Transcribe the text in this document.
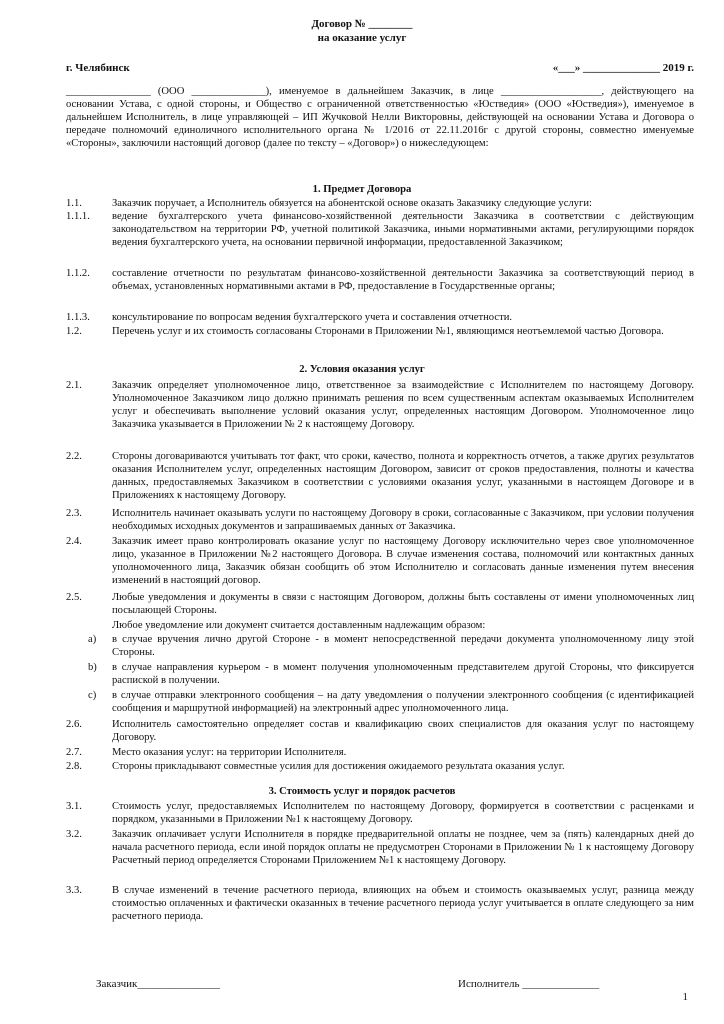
Договор № ________
на оказание услуг
г. Челябинск	«___» ______________ 2019 г.
________________ (ООО ______________), именуемое в дальнейшем Заказчик, в лице ___________________, действующего на основании Устава, с одной стороны, и Общество с ограниченной ответственностью «Юстведия» (ООО «Юстведия»), именуемое в дальнейшем Исполнитель, в лице управляющей – ИП Жучковой Нелли Викторовны, действующей на основании Устава и Договора о передаче полномочий единоличного исполнительного органа № 1/2016 от 22.11.2016г с другой стороны, совместно именуемые «Стороны», заключили настоящий договор (далее по тексту – «Договор») о нижеследующем:
1. Предмет Договора
1.1.	Заказчик поручает, а Исполнитель обязуется на абонентской основе оказать Заказчику следующие услуги:
1.1.1.	ведение бухгалтерского учета финансово-хозяйственной деятельности Заказчика в соответствии с действующим законодательством на территории РФ, учетной политикой Заказчика, иными нормативными актами, регулирующими порядок ведения бухгалтерского учета, на основании первичной информации, предоставленной Заказчиком;
1.1.2.	составление отчетности по результатам финансово-хозяйственной деятельности Заказчика за соответствующий период в объемах, установленных нормативными актами в РФ, предоставление в Государственные органы;
1.1.3.	консультирование по вопросам ведения бухгалтерского учета и составления отчетности.
1.2.	Перечень услуг и их стоимость согласованы Сторонами в Приложении №1, являющимся неотъемлемой частью Договора.
2. Условия оказания услуг
2.1.	Заказчик определяет уполномоченное лицо, ответственное за взаимодействие с Исполнителем по настоящему Договору. Уполномоченное Заказчиком лицо должно принимать решения по всем существенным аспектам оказываемых Исполнителем услуг и обеспечивать выполнение условий оказания услуг, определенных настоящим Договором. Уполномоченное лицо Заказчика указывается в Приложении № 2 к настоящему Договору.
2.2.	Стороны договариваются учитывать тот факт, что сроки, качество, полнота и корректность отчетов, а также других результатов оказания Исполнителем услуг, определенных настоящим Договором, зависит от сроков предоставления, полноты и качества данных, предоставляемых Заказчиком в соответствии с условиями оказания услуг, указанными в настоящем Договоре и в Приложениях к настоящему Договору.
2.3.	Исполнитель начинает оказывать услуги по настоящему Договору в сроки, согласованные с Заказчиком, при условии получения необходимых исходных документов и запрашиваемых данных от Заказчика.
2.4.	Заказчик имеет право контролировать оказание услуг по настоящему Договору исключительно через свое уполномоченное лицо, указанное в Приложении №2 настоящего Договора. В случае изменения состава, полномочий или контактных данных уполномоченного лица, Заказчик обязан сообщить об этом Исполнителю и согласовать данные изменения путем внесения изменений в настоящий договор.
2.5.	Любые уведомления и документы в связи с настоящим Договором, должны быть составлены от имени уполномоченных лиц посылающей Стороны.
Любое уведомление или документ считается доставленным надлежащим образом:
a)	в случае вручения лично другой Стороне - в момент непосредственной передачи документа уполномоченному лицу этой Стороны.
b)	в случае направления курьером - в момент получения уполномоченным представителем другой Стороны, что фиксируется распиской в получении.
c)	в случае отправки электронного сообщения – на дату уведомления о получении электронного сообщения (с идентификацией сообщения и маршрутной информацией) на электронный адрес уполномоченного лица.
2.6.	Исполнитель самостоятельно определяет состав и квалификацию своих специалистов для оказания услуг по настоящему Договору.
2.7.	Место оказания услуг: на территории Исполнителя.
2.8.	Стороны прикладывают совместные усилия для достижения ожидаемого результата оказания услуг.
3. Стоимость услуг и порядок расчетов
3.1.	Стоимость услуг, предоставляемых Исполнителем по настоящему Договору, формируется в соответствии с расценками и порядком, указанными в Приложении №1 к настоящему Договору.
3.2.	Заказчик оплачивает услуги Исполнителя в порядке предварительной оплаты не позднее, чем за (пять) календарных дней до начала расчетного периода, если иной порядок оплаты не предусмотрен Сторонами в Приложении № 1 к настоящему Договору Расчетный период определяется Сторонами Приложением №1 к настоящему Договору.
3.3.	В случае изменений в течение расчетного периода, влияющих на объем и стоимость оказываемых услуг, разница между стоимостью оплаченных и фактически оказанных в течение расчетного периода услуг учитывается в оплате следующего за ним расчетного периода.
Заказчик_______________	Исполнитель ______________
1
